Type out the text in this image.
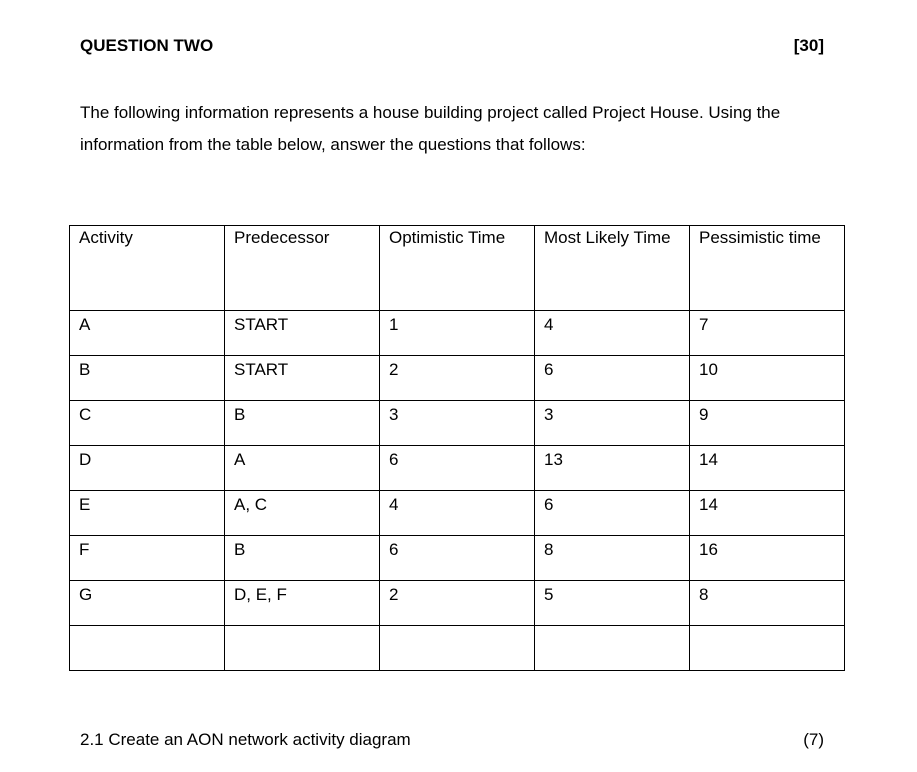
QUESTION TWO	[30]
The following information represents a house building project called Project House. Using the information from the table below, answer the questions that follows:
Activity	Predecessor	Optimistic Time	Most Likely Time	Pessimistic time
A	START	1	4	7
B	START	2	6	10
C	B	3	3	9
D	A	6	13	14
E	A, C	4	6	14
F	B	6	8	16
G	D, E, F	2	5	8

2.1 Create an AON network activity diagram	(7)
